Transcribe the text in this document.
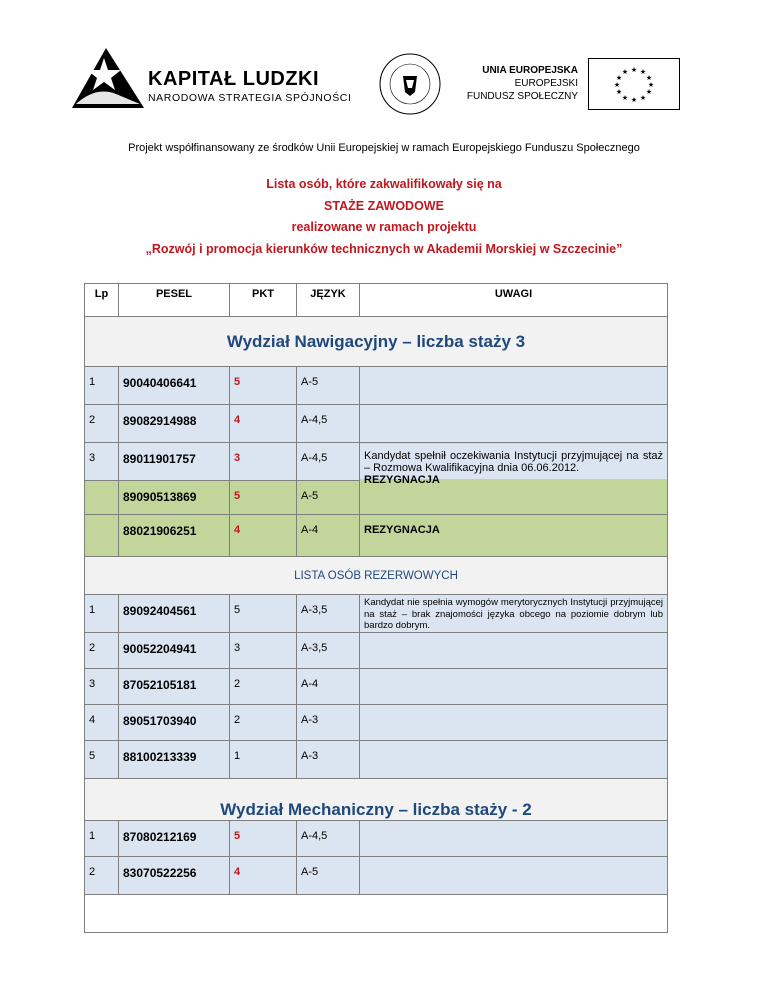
KAPITAŁ LUDZKI
NARODOWA STRATEGIA SPÓJNOŚCI
UNIA EUROPEJSKA
EUROPEJSKI
FUNDUSZ SPOŁECZNY
★ ★
★
★
★
★
★
★
★
★
★
★
Projekt współfinansowany ze środków Unii Europejskiej w ramach Europejskiego Funduszu Społecznego
Lista osób, które zakwalifikowały się na
STAŻE ZAWODOWE
realizowane w ramach projektu
„Rozwój i promocja kierunków technicznych w Akademii Morskiej w Szczecinie”
Lp	PESEL	PKT	JĘZYK	UWAGI
Wydział Nawigacyjny – liczba staży 3				
1	90040406641	5	A-5	
2	89082914988	4	A-4,5	
3	89011901757	3	A-4,5	Kandydat spełnił oczekiwania Instytucji przyjmującej na staż – Rozmowa Kwalifikacyjna dnia 06.06.2012.
REZYGNACJA
	89090513869	5	A-5	
	88021906251	4	A-4	REZYGNACJA
LISTA OSÓB REZERWOWYCH				
1	89092404561	5	A-3,5	Kandydat nie spełnia wymogów merytorycznych Instytucji przyjmującej na staż – brak znajomości języka obcego na poziomie dobrym lub bardzo dobrym.
2	90052204941	3	A-3,5	
3	87052105181	2	A-4	
4	89051703940	2	A-3	
5	88100213339	1	A-3	
Wydział Mechaniczny – liczba staży - 2				
1	87080212169	5	A-4,5	
2	83070522256	4	A-5	
